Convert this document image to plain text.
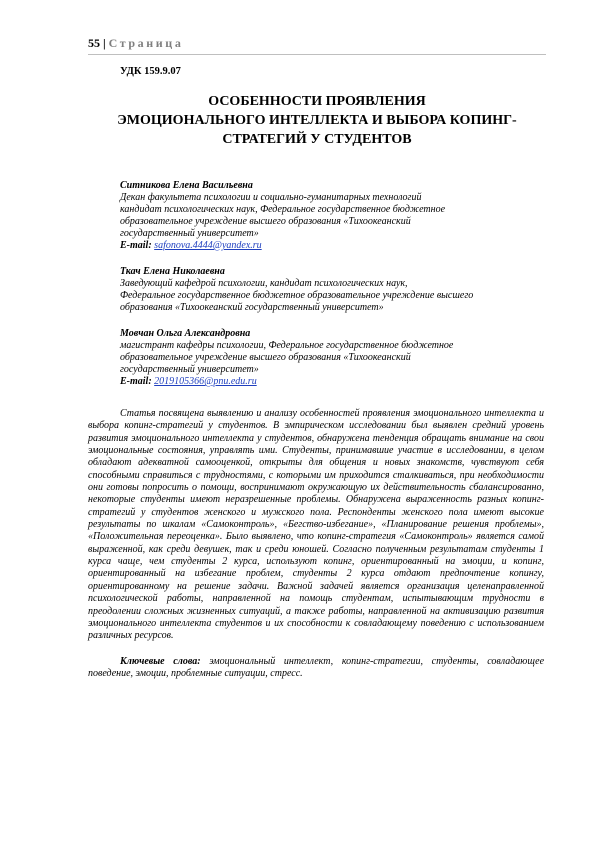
55 | Страница
УДК 159.9.07
ОСОБЕННОСТИ ПРОЯВЛЕНИЯ
ЭМОЦИОНАЛЬНОГО ИНТЕЛЛЕКТА И ВЫБОРА КОПИНГ-
СТРАТЕГИЙ У СТУДЕНТОВ
Ситникова Елена Васильевна
Декан факультета психологии и социально-гуманитарных технологий
кандидат психологических наук, Федеральное государственное бюджетное
образовательное учреждение высшего образования «Тихоокеанский
государственный университет»
E-mail: safonova.4444@yandex.ru
Ткач Елена Николаевна
Заведующий кафедрой психологии, кандидат психологических наук,
Федеральное государственное бюджетное образовательное учреждение высшего
образования «Тихоокеанский государственный университет»
Мовчан Ольга Александровна
магистрант кафедры психологии, Федеральное государственное бюджетное
образовательное учреждение высшего образования «Тихоокеанский
государственный университет»
E-mail: 2019105366@pnu.edu.ru

Статья посвящена выявлению и анализу особенностей проявления эмоционального интеллекта и выбора копинг-стратегий у студентов. В эмпирическом исследовании был выявлен средний уровень развития эмоционального интеллекта у студентов, обнаружена тенденция обращать внимание на свои эмоциональные состояния, управлять ими. Студенты, принимавшие участие в исследовании, в целом обладают адекватной самооценкой, открыты для общения и новых знакомств, чувствуют себя способными справиться с трудностями, с которыми им приходится сталкиваться, при необходимости они готовы попросить о помощи, воспринимают окружающую их действительность сбалансированно, некоторые студенты имеют неразрешенные проблемы. Обнаружена выраженность разных копинг-стратегий у студентов женского и мужского пола. Респонденты женского пола имеют высокие результаты по шкалам «Самоконтроль», «Бегство-избегание», «Планирование решения проблемы», «Положительная переоценка». Было выявлено, что копинг-стратегия «Самоконтроль» является самой выраженной, как среди девушек, так и среди юношей. Согласно полученным результатам студенты 1 курса чаще, чем студенты 2 курса, используют копинг, ориентированный на эмоции, и копинг, ориентированный на избегание проблем, студенты 2 курса отдают предпочтение копингу, ориентированному на решение задачи. Важной задачей является организация целенаправленной психологической работы, направленной на помощь студентам, испытывающим трудности в преодолении сложных жизненных ситуаций, а также работы, направленной на активизацию развития эмоционального интеллекта студентов и их способности к совладающему поведению с использованием различных ресурсов.

Ключевые слова: эмоциональный интеллект, копинг-стратегии, студенты, совладающее поведение, эмоции, проблемные ситуации, стресс.
